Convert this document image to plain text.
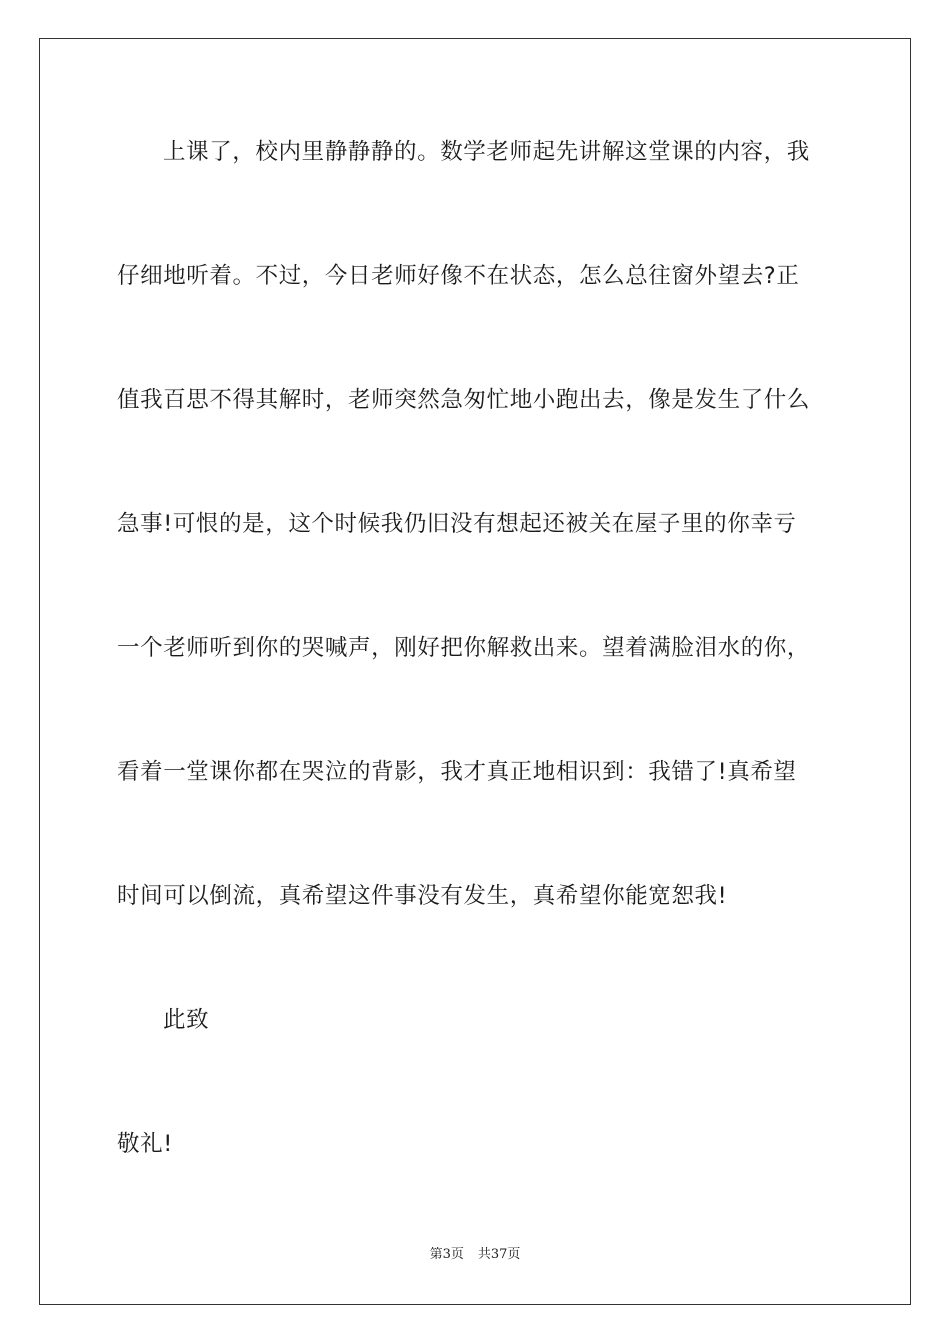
上课了，校内里静静静的。数学老师起先讲解这堂课的内容，我
仔细地听着。不过，今日老师好像不在状态，怎么总往窗外望去?正
值我百思不得其解时，老师突然急匆忙地小跑出去，像是发生了什么
急事!可恨的是，这个时候我仍旧没有想起还被关在屋子里的你幸亏
一个老师听到你的哭喊声，刚好把你解救出来。望着满脸泪水的你，
看着一堂课你都在哭泣的背影，我才真正地相识到：我错了!真希望
时间可以倒流，真希望这件事没有发生，真希望你能宽恕我!
此致
敬礼!
第3页 共37页
